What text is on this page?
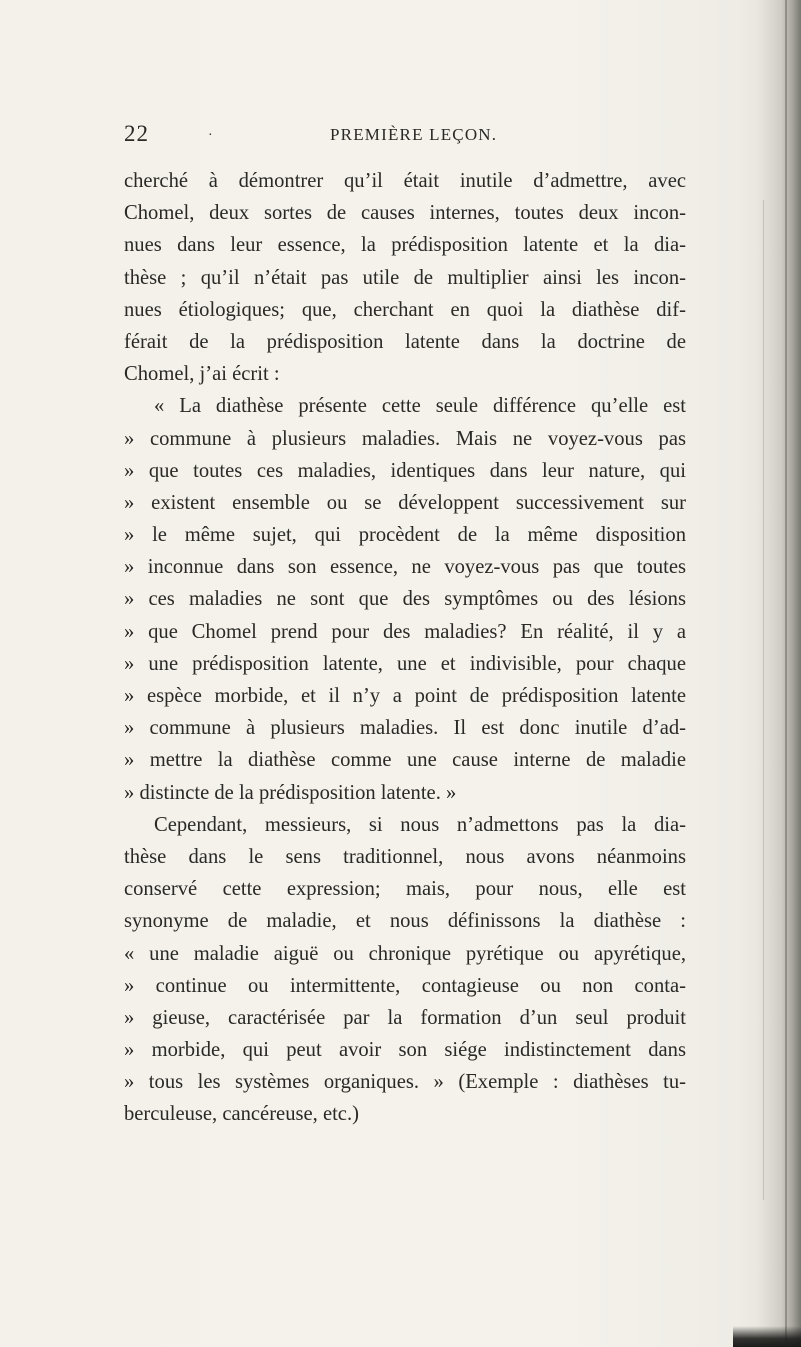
22	·	PREMIÈRE LEÇON.
cherché à démontrer qu’il était inutile d’admettre, avec
Chomel, deux sortes de causes internes, toutes deux incon-
nues dans leur essence, la prédisposition latente et la dia-
thèse ; qu’il n’était pas utile de multiplier ainsi les incon-
nues étiologiques; que, cherchant en quoi la diathèse dif-
férait de la prédisposition latente dans la doctrine de
Chomel, j’ai écrit :
« La diathèse présente cette seule différence qu’elle est
» commune à plusieurs maladies. Mais ne voyez-vous pas
» que toutes ces maladies, identiques dans leur nature, qui
» existent ensemble ou se développent successivement sur
» le même sujet, qui procèdent de la même disposition
» inconnue dans son essence, ne voyez-vous pas que toutes
» ces maladies ne sont que des symptômes ou des lésions
» que Chomel prend pour des maladies? En réalité, il y a
» une prédisposition latente, une et indivisible, pour chaque
» espèce morbide, et il n’y a point de prédisposition latente
» commune à plusieurs maladies. Il est donc inutile d’ad-
» mettre la diathèse comme une cause interne de maladie
» distincte de la prédisposition latente. »
Cependant, messieurs, si nous n’admettons pas la dia-
thèse dans le sens traditionnel, nous avons néanmoins
conservé cette expression; mais, pour nous, elle est
synonyme de maladie, et nous définissons la diathèse :
« une maladie aiguë ou chronique pyrétique ou apyrétique,
» continue ou intermittente, contagieuse ou non conta-
» gieuse, caractérisée par la formation d’un seul produit
» morbide, qui peut avoir son siége indistinctement dans
» tous les systèmes organiques. » (Exemple : diathèses tu-
berculeuse, cancéreuse, etc.)
